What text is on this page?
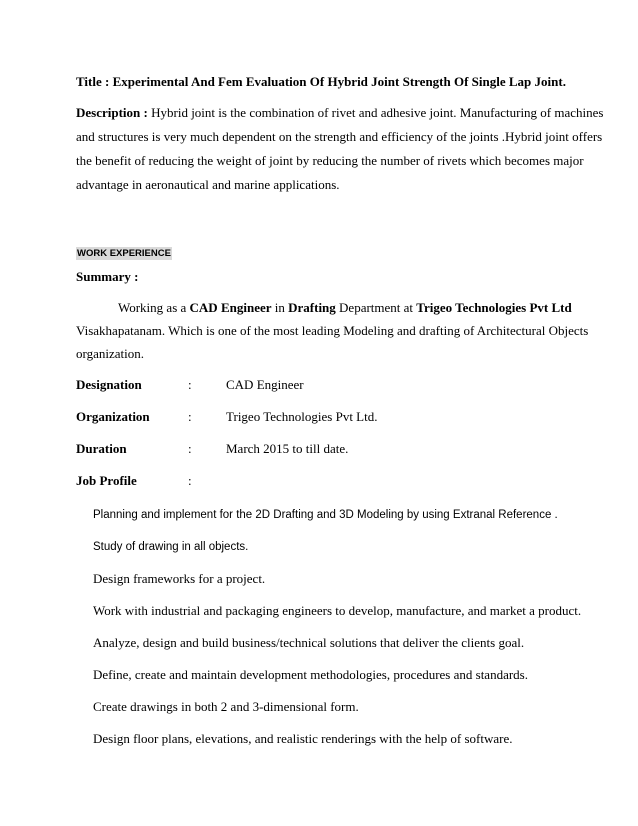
Title : Experimental And Fem Evaluation Of Hybrid Joint Strength Of Single Lap Joint.
Description : Hybrid joint is the combination of rivet and adhesive joint. Manufacturing of machines
and structures is very much dependent on the strength and efficiency of the joints .Hybrid joint offers
the benefit of reducing the weight of joint by reducing the number of rivets which becomes major
advantage in aeronautical and marine applications.
WORK EXPERIENCE
Summary :
Working as a CAD Engineer in Drafting Department at Trigeo Technologies Pvt Ltd
Visakhapatanam. Which is one of the most leading Modeling and drafting of Architectural Objects
organization.
Designation	:	CAD Engineer
Organization	:	Trigeo Technologies Pvt Ltd.
Duration	:	March 2015 to till date.
Job Profile	:
Planning and implement for the 2D Drafting and 3D Modeling by using Extranal Reference .
Study of drawing in all objects.
Design frameworks for a project.
Work with industrial and packaging engineers to develop, manufacture, and market a product.
Analyze, design and build business/technical solutions that deliver the clients goal.
Define, create and maintain development methodologies, procedures and standards.
Create drawings in both 2 and 3-dimensional form.
Design floor plans, elevations, and realistic renderings with the help of software.
